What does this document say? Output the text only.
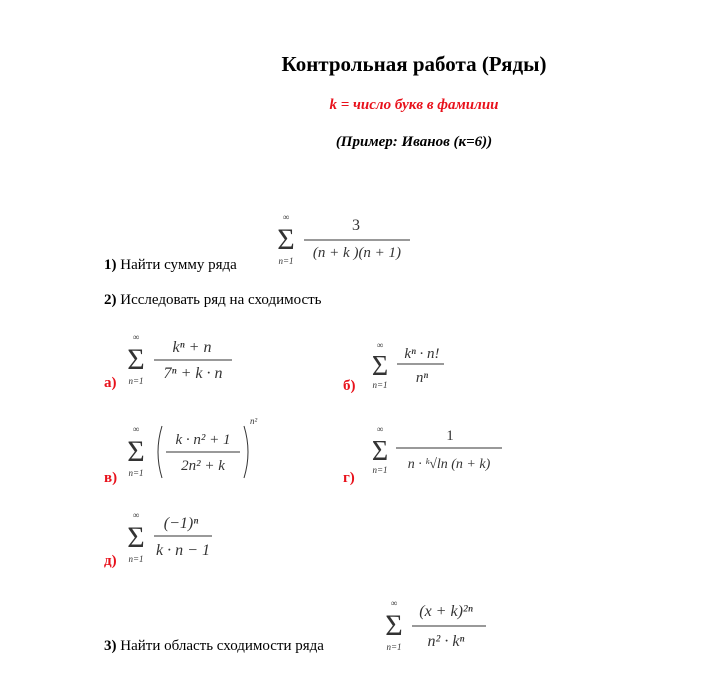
Контрольная работа (Ряды)
k = число букв в фамилии
(Пример: Иванов (к=6))
1) Найти сумму ряда
∞
Σ
n=1
3
(n + k )(n + 1)
2) Исследовать ряд на сходимость
а)
∞
Σ
n=1
kⁿ + n
7ⁿ + k · n
б)
∞
Σ
n=1
kⁿ · n!
nⁿ
в)
∞
Σ
n=1
k · n² + 1
2n² + k
n²
г)
∞
Σ
n=1
1
n · ᵏ√ln (n + k)
д)
∞
Σ
n=1
(−1)ⁿ
k · n − 1
3) Найти область сходимости ряда
∞
Σ
n=1
(x + k)²ⁿ
n² · kⁿ
